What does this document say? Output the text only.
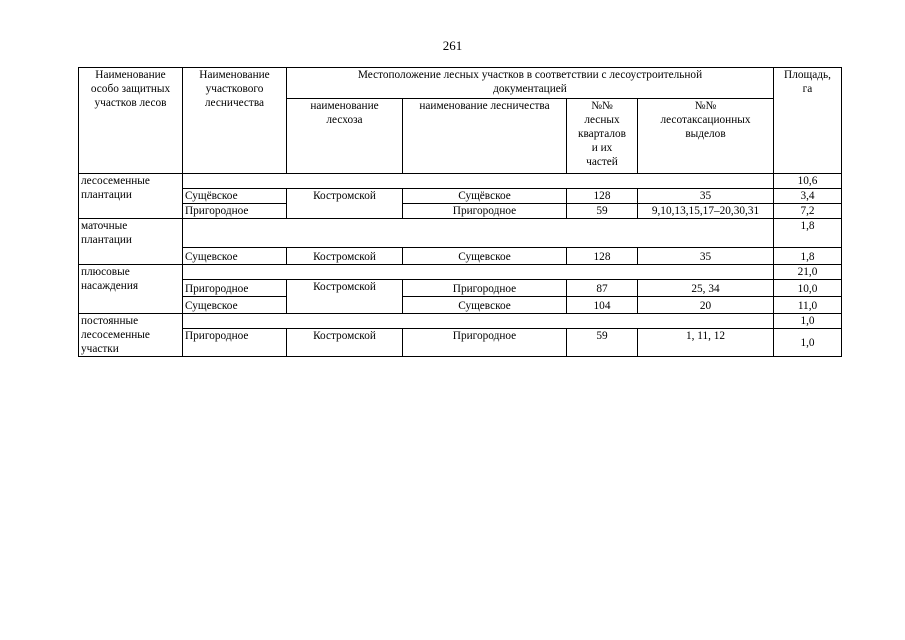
261
Наименование
особо защитных
участков лесов	Наименование
участкового
лесничества	Местоположение лесных участков в соответствии с лесоустроительной
документацией				Площадь,
га
		наименование
лесхоза	наименование лесничества	№№
лесных
кварталов
и их
частей	№№
лесотаксационных
выделов	
лесосеменные
плантации						10,6
	Сущёвское	Костромской	Сущёвское	128	35	3,4
	Пригородное		Пригородное	59	9,10,13,15,17–20,30,31	7,2
маточные
плантации						1,8
	Сущевское	Костромской	Сущевское	128	35	1,8
плюсовые
насаждения						21,0
	Пригородное	Костромской	Пригородное	87	25, 34	10,0
	Сущевское		Сущевское	104	20	11,0
постоянные
лесосеменные
участки						1,0
	Пригородное	Костромской	Пригородное	59	1, 11, 12	1,0
